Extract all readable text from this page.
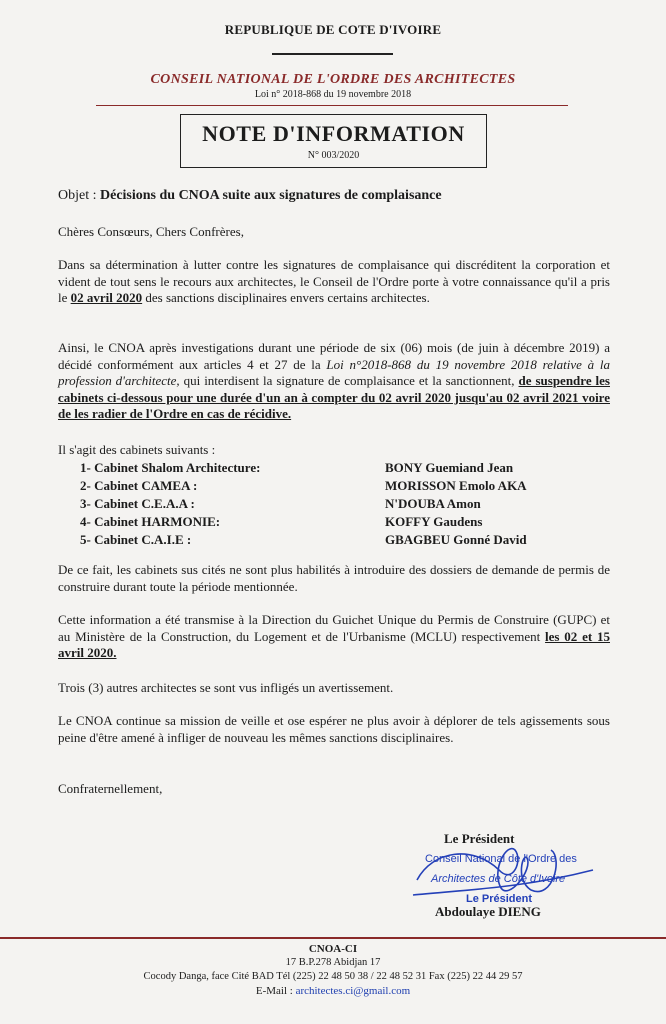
REPUBLIQUE DE COTE D'IVOIRE
CONSEIL NATIONAL DE L'ORDRE DES ARCHITECTES
Loi n° 2018-868 du 19 novembre 2018
NOTE D'INFORMATION
N° 003/2020
Objet : Décisions du CNOA suite aux signatures de complaisance
Chères Consœurs, Chers Confrères,
Dans sa détermination à lutter contre les signatures de complaisance qui discréditent la corporation et vident de tout sens le recours aux architectes, le Conseil de l'Ordre porte à votre connaissance qu'il a pris le 02 avril 2020 des sanctions disciplinaires envers certains architectes.
Ainsi, le CNOA après investigations durant une période de six (06) mois (de juin à décembre 2019) a décidé conformément aux articles 4 et 27 de la Loi n°2018-868 du 19 novembre 2018 relative à la profession d'architecte, qui interdisent la signature de complaisance et la sanctionnent, de suspendre les cabinets ci-dessous pour une durée d'un an à compter du 02 avril 2020 jusqu'au 02 avril 2021 voire de les radier de l'Ordre en cas de récidive.
Il s'agit des cabinets suivants :
1- Cabinet Shalom Architecture:	BONY Guemiand Jean
2- Cabinet CAMEA :	MORISSON Emolo AKA
3- Cabinet C.E.A.A :	N'DOUBA Amon
4- Cabinet HARMONIE:	KOFFY Gaudens
5- Cabinet C.A.I.E :	GBAGBEU Gonné David
De ce fait, les cabinets sus cités ne sont plus habilités à introduire des dossiers de demande de permis de construire durant toute la période mentionnée.
Cette information a été transmise à la Direction du Guichet Unique du Permis de Construire (GUPC) et au Ministère de la Construction, du Logement et de l'Urbanisme (MCLU) respectivement les 02 et 15 avril 2020.
Trois (3) autres architectes se sont vus infligés un avertissement.
Le CNOA continue sa mission de veille et ose espérer ne plus avoir à déplorer de tels agissements sous peine d'être amené à infliger de nouveau les mêmes sanctions disciplinaires.
Confraternellement,
Le Président
Conseil National de l'Ordre des
Architectes de Côte d'Ivoire
Le Président
Abdoulaye DIENG
CNOA-CI
17 B.P.278 Abidjan 17
Cocody Danga, face Cité BAD Tél (225) 22 48 50 38 / 22 48 52 31 Fax (225) 22 44 29 57
E-Mail : architectes.ci@gmail.com
